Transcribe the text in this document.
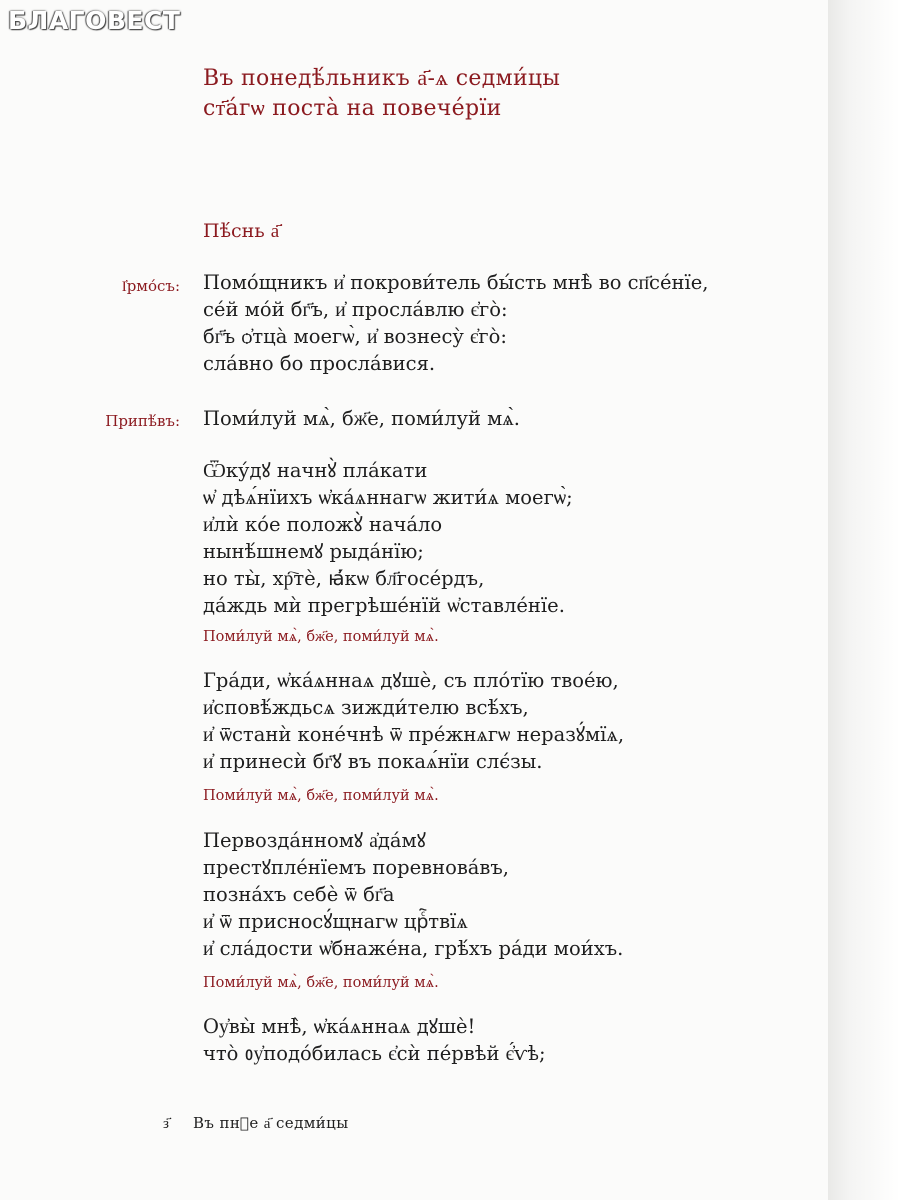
БЛАГОВЕСТ
Въ понедѣ́льникъ а҃-ѧ седми́цы
ст҃а́гѡ поста̀ на повече́рїи
Пѣ́снь а҃
І҆рмо́съ: Помо́щникъ и҆ покрови́тель бы́сть мнѣ̀ во сп҃се́нїе,
се́й мо́й бг҃ъ, и҆ просла́влю є҆го̀:
бг҃ъ ѻ҆тца̀ моегѡ̀, и҆ вознесу̀ є҆го̀:
сла́вно бо просла́вися.
Припѣ́въ: Поми́луй мѧ̀, бж҃е, поми́луй мѧ̀.
Ѿку́дꙋ начнꙋ̀ пла́кати
ѡ҆ дѣѧ́нїихъ ѡ҆ка́ѧннагѡ жити́ѧ моегѡ̀;
и҆лѝ ко́е положꙋ̀ нача́ло
нынѣ́шнемꙋ рыда́нїю;
но ты̀, хр҇тѐ, ꙗ҆́кѡ бл҃госе́рдъ,
да́ждь мѝ прегрѣше́нїй ѡ҆ставле́нїе.
Поми́луй мѧ̀, бж҃е, поми́луй мѧ̀.
Гра́ди, ѡ҆ка́ѧннаѧ дꙋшѐ, съ пло́тїю твое́ю,
и҆сповѣ́ждьсѧ зижди́телю всѣ́хъ,
и҆ ѿстанѝ конéчнѣ ѿ пре́жнѧгѡ неразꙋ́мїѧ,
и҆ принесѝ бг҃ꙋ въ покаѧ́нїи слє́зы.
Поми́луй мѧ̀, бж҃е, поми́луй мѧ̀.
Первозда́нномꙋ а҆да́мꙋ
престꙋпле́нїемъ поревнова́въ,
позна́хъ себѐ ѿ бг҃а
и҆ ѿ присносꙋ́щнагѡ црⷭ҇твїѧ
и҆ сла́дости ѡ҆бнаже́на, грѣ́хъ ра́ди мои́хъ.
Поми́луй мѧ̀, бж҃е, поми́луй мѧ̀.
Оу҆вы̀ мнѣ̀, ѡ҆ка́ѧннаѧ дꙋшѐ!
что̀ ᲂу҆подо́билась є҆сѝ пе́рвѣй є҆́ѵѣ;
з҃ Въ пнⷣе а҃ седми́цы
